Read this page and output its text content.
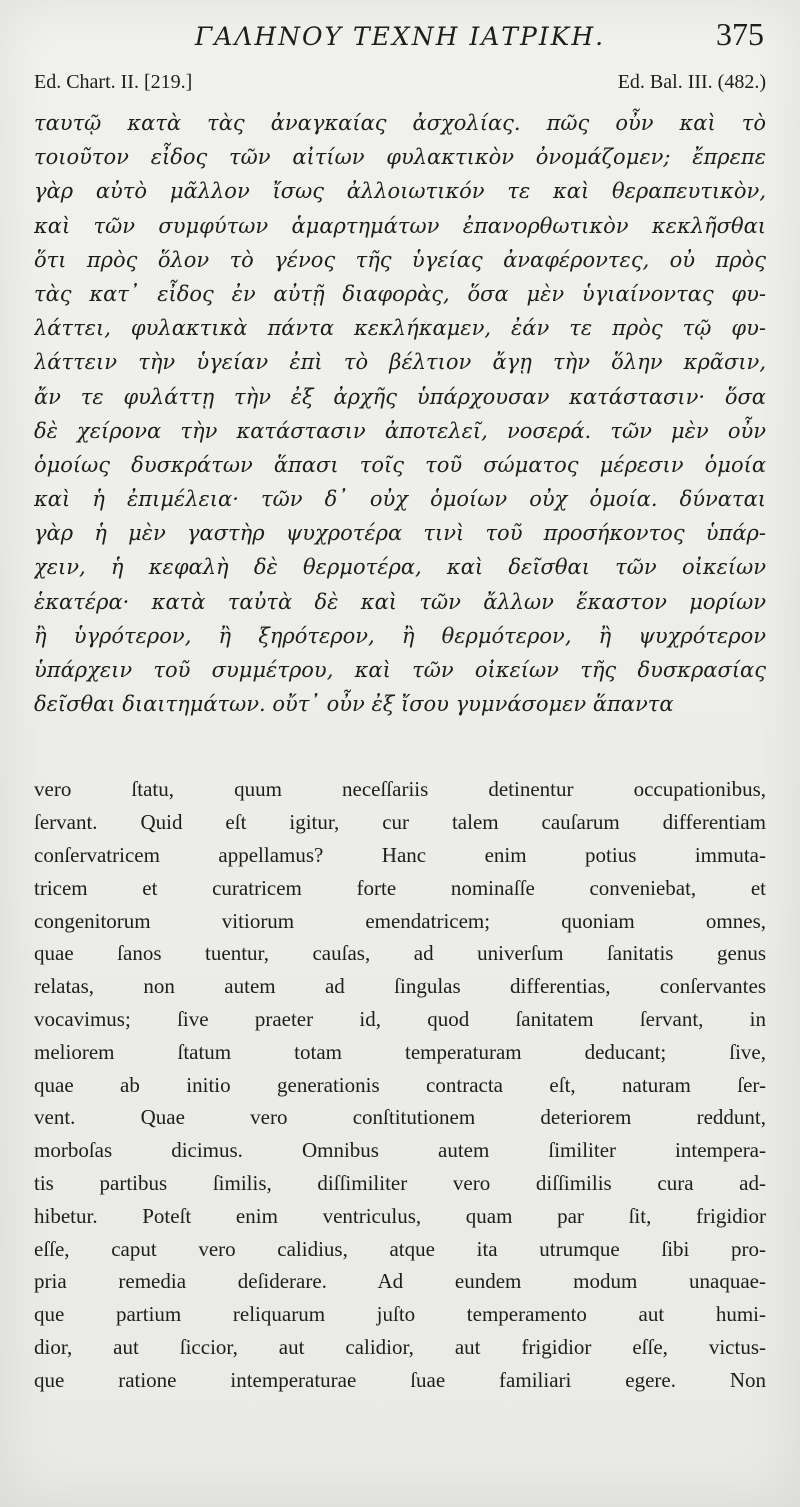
ΓΑΛΗΝΟΥ ΤΕΧΝΗ ΙΑΤΡΙΚΗ.	375
Ed. Chart. II. [219.]	Ed. Bal. III. (482.)
ταυτῷ κατὰ τὰς ἀναγκαίας ἀσχολίας. πῶς οὖν καὶ τὸ
τοιοῦτον εἶδος τῶν αἰτίων φυλακτικὸν ὀνομάζομεν; ἔπρεπε
γὰρ αὐτὸ μᾶλλον ἴσως ἀλλοιωτικόν τε καὶ θεραπευτικὸν,
καὶ τῶν συμφύτων ἁμαρτημάτων ἐπανορθωτικὸν κεκλῆσθαι
ὅτι πρὸς ὅλον τὸ γένος τῆς ὑγείας ἀναφέροντες, οὐ πρὸς
τὰς κατ᾽ εἶδος ἐν αὐτῇ διαφορὰς, ὅσα μὲν ὑγιαίνοντας φυ-
λάττει, φυλακτικὰ πάντα κεκλήκαμεν, ἐάν τε πρὸς τῷ φυ-
λάττειν τὴν ὑγείαν ἐπὶ τὸ βέλτιον ἄγῃ τὴν ὅλην κρᾶσιν,
ἄν τε φυλάττῃ τὴν ἐξ ἀρχῆς ὑπάρχουσαν κατάστασιν· ὅσα
δὲ χείρονα τὴν κατάστασιν ἀποτελεῖ, νοσερά. τῶν μὲν οὖν
ὁμοίως δυσκράτων ἅπασι τοῖς τοῦ σώματος μέρεσιν ὁμοία
καὶ ἡ ἐπιμέλεια· τῶν δ᾽ οὐχ ὁμοίων οὐχ ὁμοία. δύναται
γὰρ ἡ μὲν γαστὴρ ψυχροτέρα τινὶ τοῦ προσήκοντος ὑπάρ-
χειν, ἡ κεφαλὴ δὲ θερμοτέρα, καὶ δεῖσθαι τῶν οἰκείων
ἑκατέρα· κατὰ ταὐτὰ δὲ καὶ τῶν ἄλλων ἕκαστον μορίων
ἢ ὑγρότερον, ἢ ξηρότερον, ἢ θερμότερον, ἢ ψυχρότερον
ὑπάρχειν τοῦ συμμέτρου, καὶ τῶν οἰκείων τῆς δυσκρασίας
δεῖσθαι διαιτημάτων. οὔτ᾽ οὖν ἐξ ἴσου γυμνάσομεν ἅπαντα
vero ſtatu, quum neceſſariis detinentur occupationibus,
ſervant. Quid eſt igitur, cur talem cauſarum differentiam
conſervatricem appellamus? Hanc enim potius immuta-
tricem et curatricem forte nominaſſe conveniebat, et
congenitorum vitiorum emendatricem; quoniam omnes,
quae ſanos tuentur, cauſas, ad univerſum ſanitatis genus
relatas, non autem ad ſingulas differentias, conſervantes
vocavimus; ſive praeter id, quod ſanitatem ſervant, in
meliorem ſtatum totam temperaturam deducant; ſive,
quae ab initio generationis contracta eſt, naturam ſer-
vent. Quae vero conſtitutionem deteriorem reddunt,
morboſas dicimus. Omnibus autem ſimiliter intempera-
tis partibus ſimilis, diſſimiliter vero diſſimilis cura ad-
hibetur. Poteſt enim ventriculus, quam par ſit, frigidior
eſſe, caput vero calidius, atque ita utrumque ſibi pro-
pria remedia deſiderare. Ad eundem modum unaquae-
que partium reliquarum juſto temperamento aut humi-
dior, aut ſiccior, aut calidior, aut frigidior eſſe, victus-
que ratione intemperaturae ſuae familiari egere. Non
